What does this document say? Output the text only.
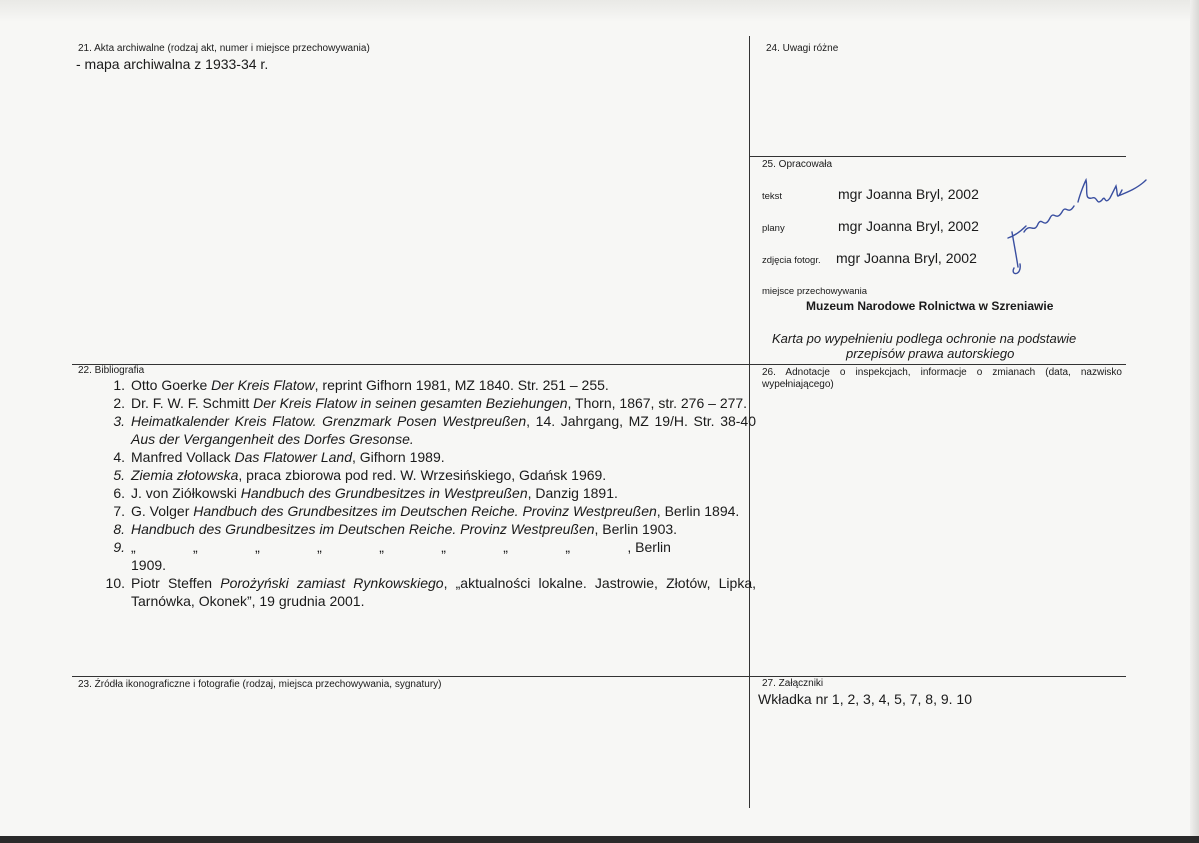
21. Akta archiwalne (rodzaj akt, numer i miejsce przechowywania)
- mapa archiwalna z 1933-34 r.
24. Uwagi różne
25. Opracowała
tekst	mgr Joanna Bryl, 2002
plany	mgr Joanna Bryl, 2002
zdjęcia fotogr. mgr Joanna Bryl, 2002
miejsce przechowywania
Muzeum Narodowe Rolnictwa w Szreniawie
Karta po wypełnieniu podlega ochronie na podstawie
przepisów prawa autorskiego
22. Bibliografia
1. Otto Goerke Der Kreis Flatow, reprint Gifhorn 1981, MZ 1840. Str. 251 – 255.
2. Dr. F. W. F. Schmitt Der Kreis Flatow in seinen gesamten Beziehungen, Thorn, 1867, str. 276 – 277.
3. Heimatkalender Kreis Flatow. Grenzmark Posen Westpreußen, 14. Jahrgang, MZ 19/H. Str. 38-40 Aus der Vergangenheit des Dorfes Gresonse.
4. Manfred Vollack Das Flatower Land, Gifhorn 1989.
5. Ziemia złotowska, praca zbiorowa pod red. W. Wrzesińskiego, Gdańsk 1969.
6. J. von Ziółkowski Handbuch des Grundbesitzes in Westpreußen, Danzig 1891.
7. G. Volger Handbuch des Grundbesitzes im Deutschen Reiche. Provinz Westpreußen, Berlin 1894.
8. Handbuch des Grundbesitzes im Deutschen Reiche. Provinz Westpreußen, Berlin 1903.
9. „	„	„	„	„	„	„	„	, Berlin
1909.
10. Piotr Steffen Porożyński zamiast Rynkowskiego, „aktualności lokalne. Jastrowie, Złotów, Lipka, Tarnówka, Okonek”, 19 grudnia 2001.
26. Adnotacje o inspekcjach, informacje o zmianach (data, nazwisko wypełniającego)
23. Źródła ikonograficzne i fotografie (rodzaj, miejsca przechowywania, sygnatury)	27. Załączniki
Wkładka nr 1, 2, 3, 4, 5, 7, 8, 9. 10
